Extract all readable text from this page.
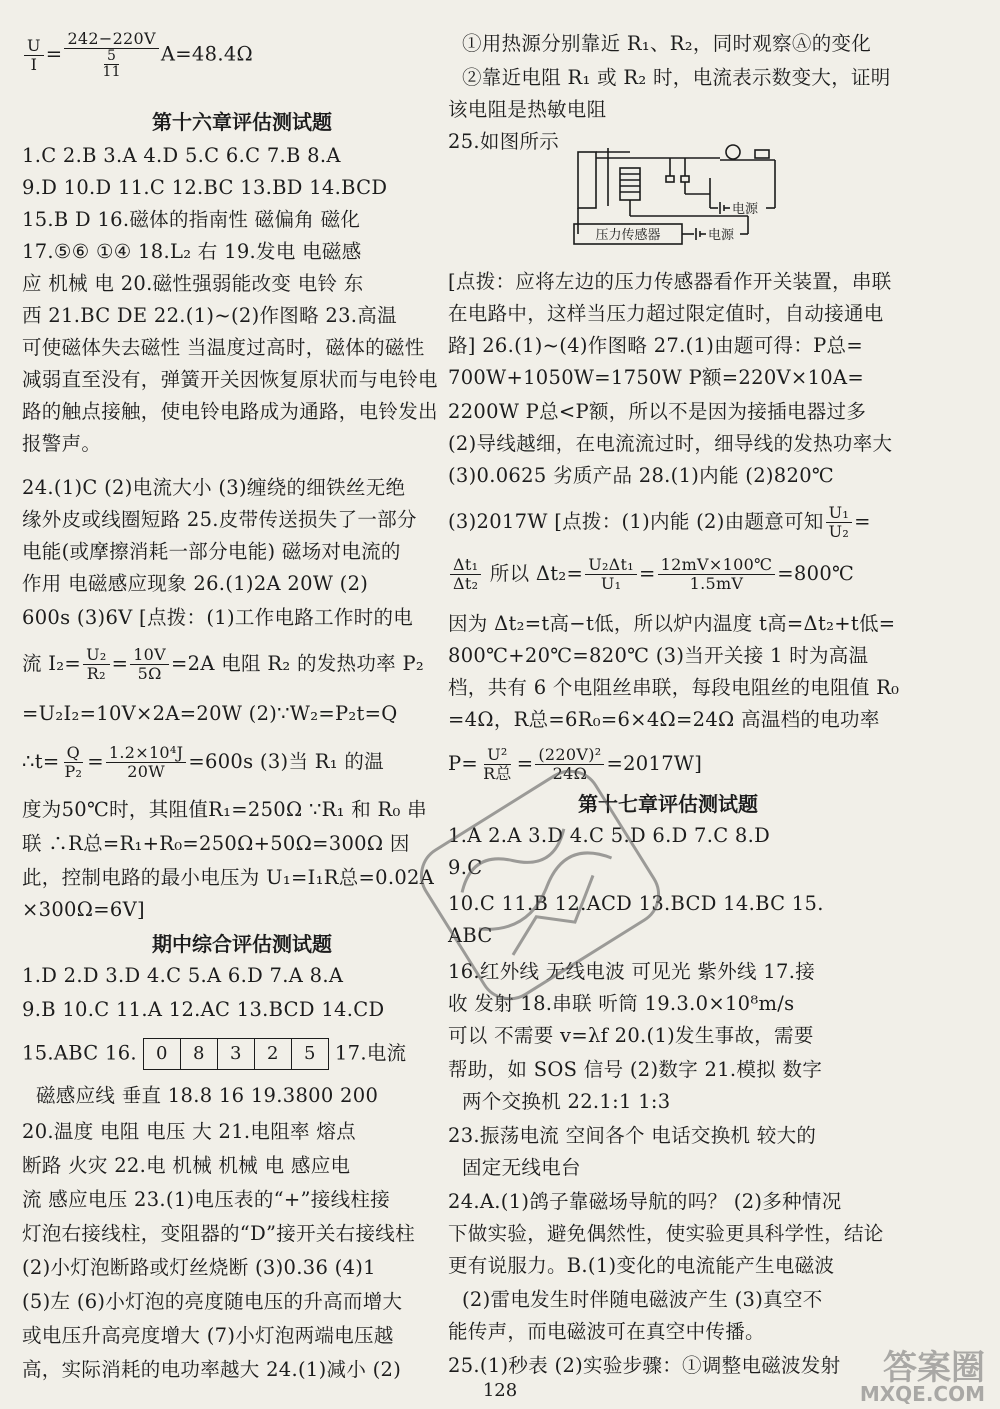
$\frac{U}{I} = \frac{242-220V}{\frac{5}{11}} A=48.4\Omega$
第十六章评估测试题
1.C 2.B 3.A 4.D 5.C 6.C 7.B 8.A
9.D 10.D 11.C 12.BC 13.BD 14.BCD
15.B D 16.磁体的指南性 磁偏角 磁化
17.⑤⑥ ①④ 18.L₂ 右 19.发电 电磁感
应 机械 电 20.磁性强弱能改变 电铃 东
西 21.BC DE 22.(1)~(2)作图略 23.高温
可使磁体失去磁性 当温度过高时，磁体的磁性
减弱直至没有，弹簧开关因恢复原状而与电铃电
路的触点接触，使电铃电路成为通路，电铃发出
报警声。
24.(1)C (2)电流大小 (3)缠绕的细铁丝无绝
缘外皮或线圈短路 25.皮带传送损失了一部分
电能(或摩擦消耗一部分电能) 磁场对电流的
作用 电磁感应现象 26.(1)2A 20W (2)
600s (3)6V [点拨：(1)工作电路工作时的电
流 $I_2= \frac{\text{U₂}}{\text{R₂}} = \frac{10V}{5\Omega} =2A$ 电阻 R₂ 的发热功率 P₂
=U₂I₂=10V×2A=20W (2)∵W₂=P₂t=Q
∴t= $\frac{Q}{\text{P₂}} = \frac{\text{1.2×10⁴J}}{20W} =600s$ (3)当 R₁ 的温
度为50℃时，其阻值R₁=250Ω ∵R₁ 和 R₀ 串
联 ∴R总=R₁+R₀=250Ω+50Ω=300Ω 因
此，控制电路的最小电压为 U₁=I₁R总=0.02A
×300Ω=6V]
期中综合评估测试题
1.D 2.D 3.D 4.C 5.A 6.D 7.A 8.A
9.B 10.C 11.A 12.AC 13.BCD 14.CD
15.ABC 16.	0	8	3	2	5 17.电流
磁感应线 垂直 18.8 16 19.3800 200
20.温度 电阻 电压 大 21.电阻率 熔点
断路 火灾 22.电 机械 机械 电 感应电
流 感应电压 23.(1)电压表的“+”接线柱接
灯泡右接线柱，变阻器的“D”接开关右接线柱
(2)小灯泡断路或灯丝烧断 (3)0.36 (4)1
(5)左 (6)小灯泡的亮度随电压的升高而增大
或电压升高亮度增大 (7)小灯泡两端电压越
高，实际消耗的电功率越大 24.(1)减小 (2)
①用热源分别靠近 R₁、R₂，同时观察Ⓐ的变化
②靠近电阻 R₁ 或 R₂ 时，电流表示数变大，证明
该电阻是热敏电阻
25.如图所示
[点拨：应将左边的压力传感器看作开关装置，串联
在电路中，这样当压力超过限定值时，自动接通电
路] 26.(1)~(4)作图略 27.(1)由题可得：P总=
700W+1050W=1750W P额=220V×10A=
2200W P总<P额，所以不是因为接插电器过多
(2)导线越细，在电流流过时，细导线的发热功率大
(3)0.0625 劣质产品 28.(1)内能 (2)820℃
(3)2017W [点拨：(1)内能 (2)由题意可知 $\frac{\text{U₁}}{\text{U₂}}$ =
$\frac{\text{Δt₁}}{\text{Δt₂}}$ 所以 $\Delta t_2= \frac{\text{U₂Δt₁}}{\text{U₁}} = \frac{12mV\times 100℃}{1.5mV}$ =800℃
因为 Δt₂=t高−t低，所以炉内温度 t高=Δt₂+t低=
800℃+20℃=820℃ (3)当开关接 1 时为高温
档，共有 6 个电阻丝串联，每段电阻丝的电阻值 R₀
=4Ω，R总=6R₀=6×4Ω=24Ω 高温档的电功率
$P= \frac{\text{U²}}{\text{R总}} = \frac{\text{(220V)²}}{24\Omega} =2017W$]
第十七章评估测试题
1.A 2.A 3.D 4.C 5.D 6.D 7.C 8.D
9.C
10.C 11.B 12.ACD 13.BCD 14.BC 15.
ABC
16.红外线 无线电波 可见光 紫外线 17.接
收 发射 18.串联 听筒 19.3.0×10⁸m/s
可以 不需要 v=λf 20.(1)发生事故，需要
帮助，如 SOS 信号 (2)数字 21.模拟 数字
两个交换机 22.1:1 1:3
23.振荡电流 空间各个 电话交换机 较大的
固定无线电台
24.A.(1)鸽子靠磁场导航的吗？ (2)多种情况
下做实验，避免偶然性，使实验更具科学性，结论
更有说服力。B.(1)变化的电流能产生电磁波
(2)雷电发生时伴随电磁波产生 (3)真空不
能传声，而电磁波可在真空中传播。
25.(1)秒表 (2)实验步骤：①调整电磁波发射
压力传感器
电源
电源
128
答案圈
MXQE.COM
